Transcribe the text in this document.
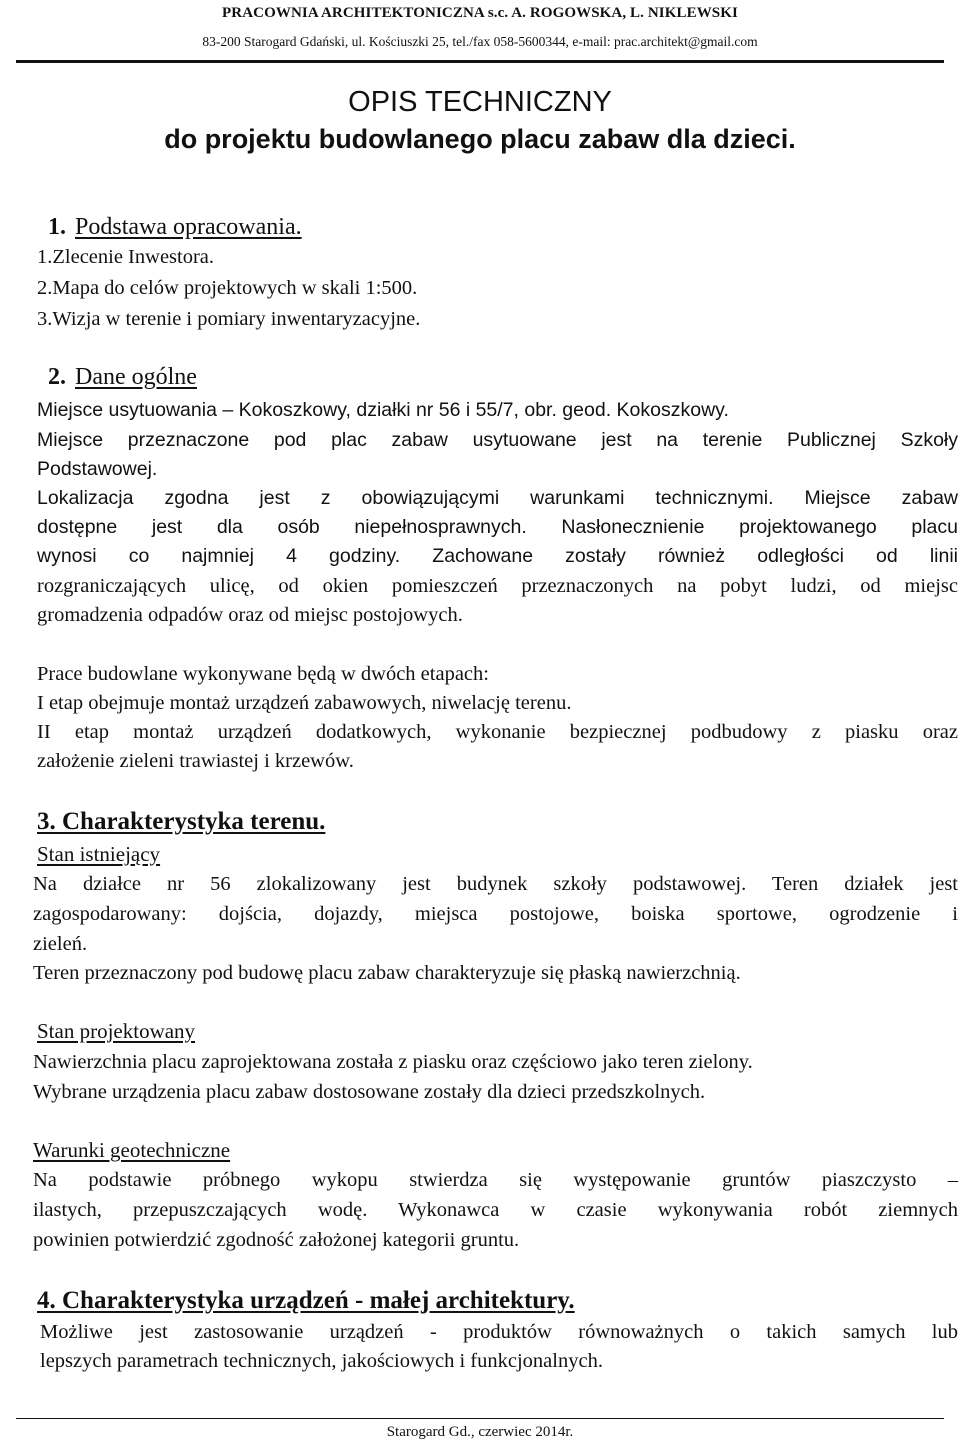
PRACOWNIA ARCHITEKTONICZNA s.c. A. ROGOWSKA, L. NIKLEWSKI
83-200 Starogard Gdański, ul. Kościuszki 25, tel./fax 058-5600344, e-mail: prac.architekt@gmail.com
OPIS TECHNICZNY
do projektu budowlanego placu zabaw dla dzieci.
1. Podstawa opracowania.
1.Zlecenie Inwestora.
2.Mapa do celów projektowych w skali 1:500.
3.Wizja w terenie i pomiary inwentaryzacyjne.
2. Dane ogólne
Miejsce usytuowania – Kokoszkowy, działki nr 56 i 55/7, obr. geod. Kokoszkowy.
Miejsce przeznaczone pod plac zabaw usytuowane jest na terenie Publicznej Szkoły
Podstawowej.
Lokalizacja zgodna jest z obowiązującymi warunkami technicznymi. Miejsce zabaw
dostępne jest dla osób niepełnosprawnych. Nasłonecznienie projektowanego placu
wynosi co najmniej 4 godziny. Zachowane zostały również odległości od linii
rozgraniczających ulicę, od okien pomieszczeń przeznaczonych na pobyt ludzi, od miejsc
gromadzenia odpadów oraz od miejsc postojowych.
Prace budowlane wykonywane będą w dwóch etapach:
I etap obejmuje montaż urządzeń zabawowych, niwelację terenu.
II etap montaż urządzeń dodatkowych, wykonanie bezpiecznej podbudowy z piasku oraz
założenie zieleni trawiastej i krzewów.
3. Charakterystyka terenu.
Stan istniejący
Na działce nr 56 zlokalizowany jest budynek szkoły podstawowej. Teren działek jest
zagospodarowany: dojścia, dojazdy, miejsca postojowe, boiska sportowe, ogrodzenie i
zieleń.
Teren przeznaczony pod budowę placu zabaw charakteryzuje się płaską nawierzchnią.
Stan projektowany
Nawierzchnia placu zaprojektowana została z piasku oraz częściowo jako teren zielony.
Wybrane urządzenia placu zabaw dostosowane zostały dla dzieci przedszkolnych.
Warunki geotechniczne
Na podstawie próbnego wykopu stwierdza się występowanie gruntów piaszczysto –
ilastych, przepuszczających wodę. Wykonawca w czasie wykonywania robót ziemnych
powinien potwierdzić zgodność założonej kategorii gruntu.
4. Charakterystyka urządzeń - małej architektury.
Możliwe jest zastosowanie urządzeń - produktów równoważnych o takich samych lub
lepszych parametrach technicznych, jakościowych i funkcjonalnych.
Starogard Gd., czerwiec 2014r.
